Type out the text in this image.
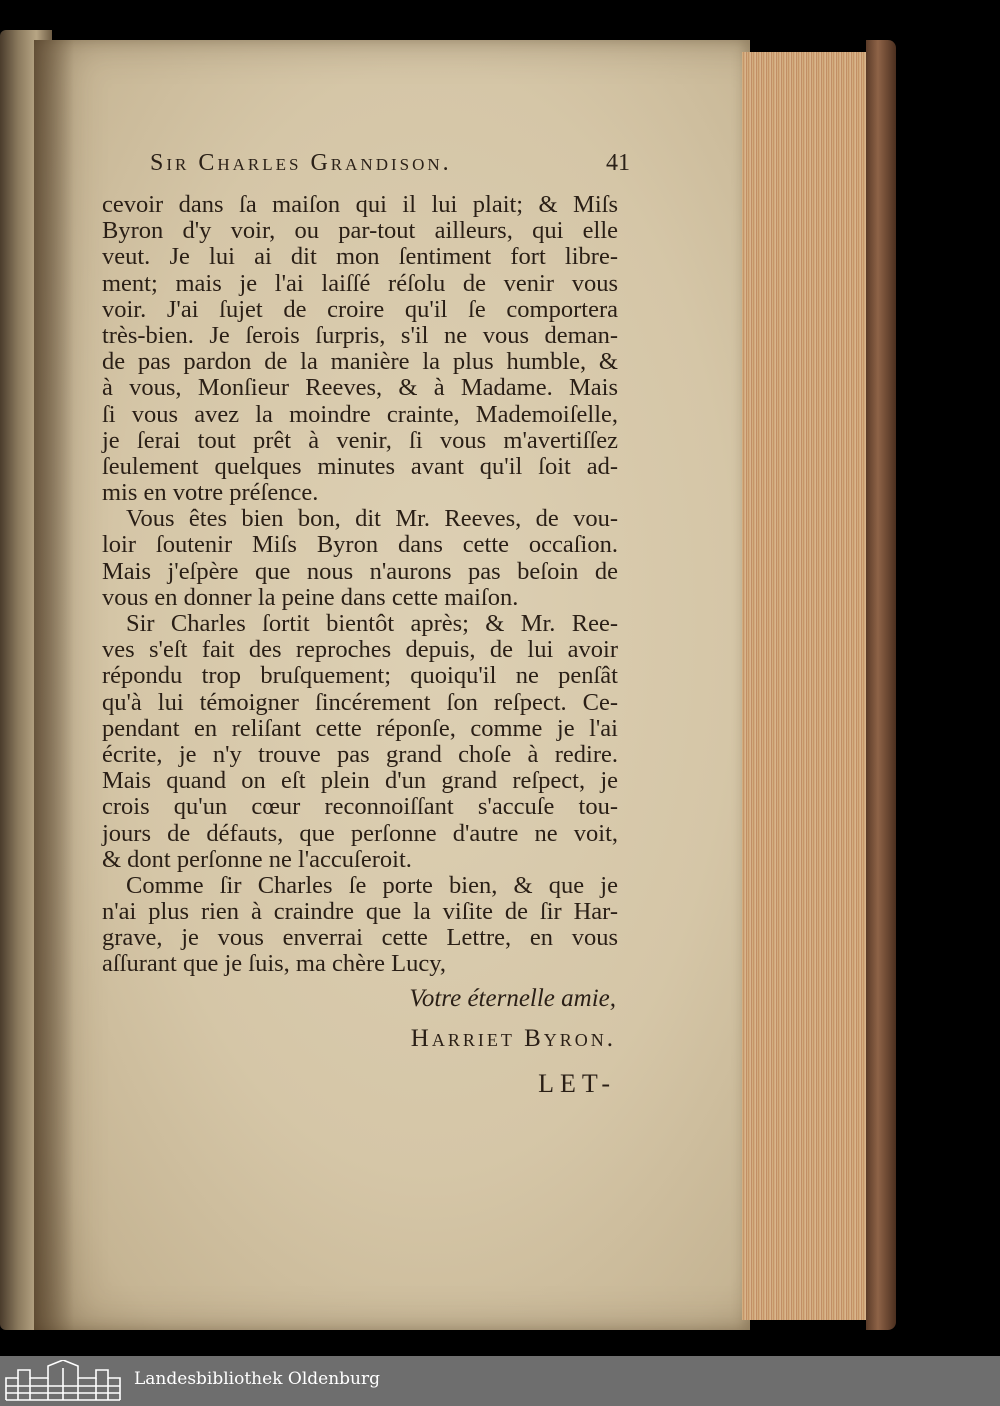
Sir Charles Grandison.	41
cevoir dans ſa maiſon qui il lui plait; & Miſs
Byron d'y voir, ou par-tout ailleurs, qui elle
veut. Je lui ai dit mon ſentiment fort libre-
ment; mais je l'ai laiſſé réſolu de venir vous
voir. J'ai ſujet de croire qu'il ſe comportera
très-bien. Je ſerois ſurpris, s'il ne vous deman-
de pas pardon de la manière la plus humble, &
à vous, Monſieur Reeves, & à Madame. Mais
ſi vous avez la moindre crainte, Mademoiſelle,
je ſerai tout prêt à venir, ſi vous m'avertiſſez
ſeulement quelques minutes avant qu'il ſoit ad-
mis en votre préſence.
Vous êtes bien bon, dit Mr. Reeves, de vou-
loir ſoutenir Miſs Byron dans cette occaſion.
Mais j'eſpère que nous n'aurons pas beſoin de
vous en donner la peine dans cette maiſon.
Sir Charles ſortit bientôt après; & Mr. Ree-
ves s'eſt fait des reproches depuis, de lui avoir
répondu trop bruſquement; quoiqu'il ne penſât
qu'à lui témoigner ſincérement ſon reſpect. Ce-
pendant en reliſant cette réponſe, comme je l'ai
écrite, je n'y trouve pas grand choſe à redire.
Mais quand on eſt plein d'un grand reſpect, je
crois qu'un cœur reconnoiſſant s'accuſe tou-
jours de défauts, que perſonne d'autre ne voit,
& dont perſonne ne l'accuſeroit.
Comme ſir Charles ſe porte bien, & que je
n'ai plus rien à craindre que la viſite de ſir Har-
grave, je vous enverrai cette Lettre, en vous
aſſurant que je ſuis, ma chère Lucy,
Votre éternelle amie,
Harriet Byron.
LET-
Landesbibliothek Oldenburg
